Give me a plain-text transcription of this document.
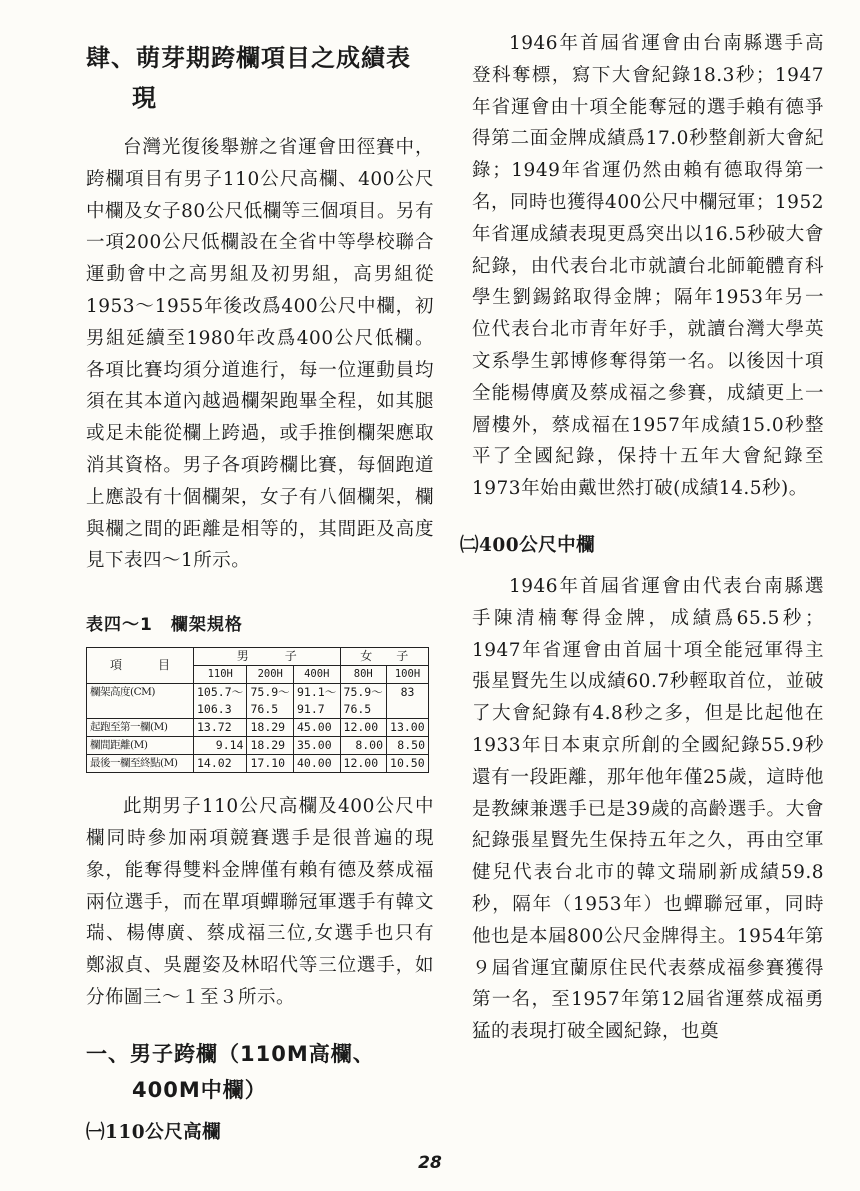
肆、萌芽期跨欄項目之成績表現

台灣光復後舉辦之省運會田徑賽中，跨欄項目有男子110公尺高欄、400公尺中欄及女子80公尺低欄等三個項目。另有一項200公尺低欄設在全省中等學校聯合運動會中之高男組及初男組，高男組從1953～1955年後改爲400公尺中欄，初男組延續至1980年改爲400公尺低欄。各項比賽均須分道進行，每一位運動員均須在其本道內越過欄架跑畢全程，如其腿或足未能從欄上跨過，或手推倒欄架應取消其資格。男子各項跨欄比賽，每個跑道上應設有十個欄架，女子有八個欄架，欄與欄之間的距離是相等的，其間距及高度見下表四～1所示。

表四～1　欄架規格

項　　　目	男　　　子			女　　子	
	110H	200H	400H	80H	100H
欄架高度(CM)	105.7～	75.9～	91.1～	75.9～	83
	106.3	76.5	91.7	76.5	
起跑至第一欄(M)	13.72	18.29	45.00	12.00	13.00
欄間距離(M)	9.14	18.29	35.00	8.00	8.50
最後一欄至終點(M)	14.02	17.10	40.00	12.00	10.50

此期男子110公尺高欄及400公尺中欄同時參加兩項競賽選手是很普遍的現象，能奪得雙料金牌僅有賴有德及蔡成福兩位選手，而在單項蟬聯冠軍選手有韓文瑞、楊傳廣、蔡成福三位,女選手也只有鄭淑貞、吳麗姿及林昭代等三位選手，如分佈圖三～１至３所示。

一、男子跨欄（110M高欄、400M中欄）
㈠110公尺高欄

1946年首屆省運會由台南縣選手高登科奪標，寫下大會紀錄18.3秒；1947年省運會由十項全能奪冠的選手賴有德爭得第二面金牌成績爲17.0秒整創新大會紀錄；1949年省運仍然由賴有德取得第一名，同時也獲得400公尺中欄冠軍；1952年省運成績表現更爲突出以16.5秒破大會紀錄，由代表台北市就讀台北師範體育科學生劉錫銘取得金牌；隔年1953年另一位代表台北市青年好手，就讀台灣大學英文系學生郭博修奪得第一名。以後因十項全能楊傳廣及蔡成福之參賽，成績更上一層樓外，蔡成福在1957年成績15.0秒整平了全國紀錄，保持十五年大會紀錄至1973年始由戴世然打破(成績14.5秒)。

㈡400公尺中欄

1946年首屆省運會由代表台南縣選手陳清楠奪得金牌，成績爲65.5秒；1947年省運會由首屆十項全能冠軍得主張星賢先生以成績60.7秒輕取首位，並破了大會紀錄有4.8秒之多，但是比起他在1933年日本東京所創的全國紀錄55.9秒還有一段距離，那年他年僅25歲，這時他是教練兼選手已是39歲的高齡選手。大會紀錄張星賢先生保持五年之久，再由空軍健兒代表台北市的韓文瑞刷新成績59.8秒，隔年（1953年）也蟬聯冠軍，同時他也是本屆800公尺金牌得主。1954年第９屆省運宜蘭原住民代表蔡成福參賽獲得第一名，至1957年第12屆省運蔡成福勇猛的表現打破全國紀錄，也奠

28
